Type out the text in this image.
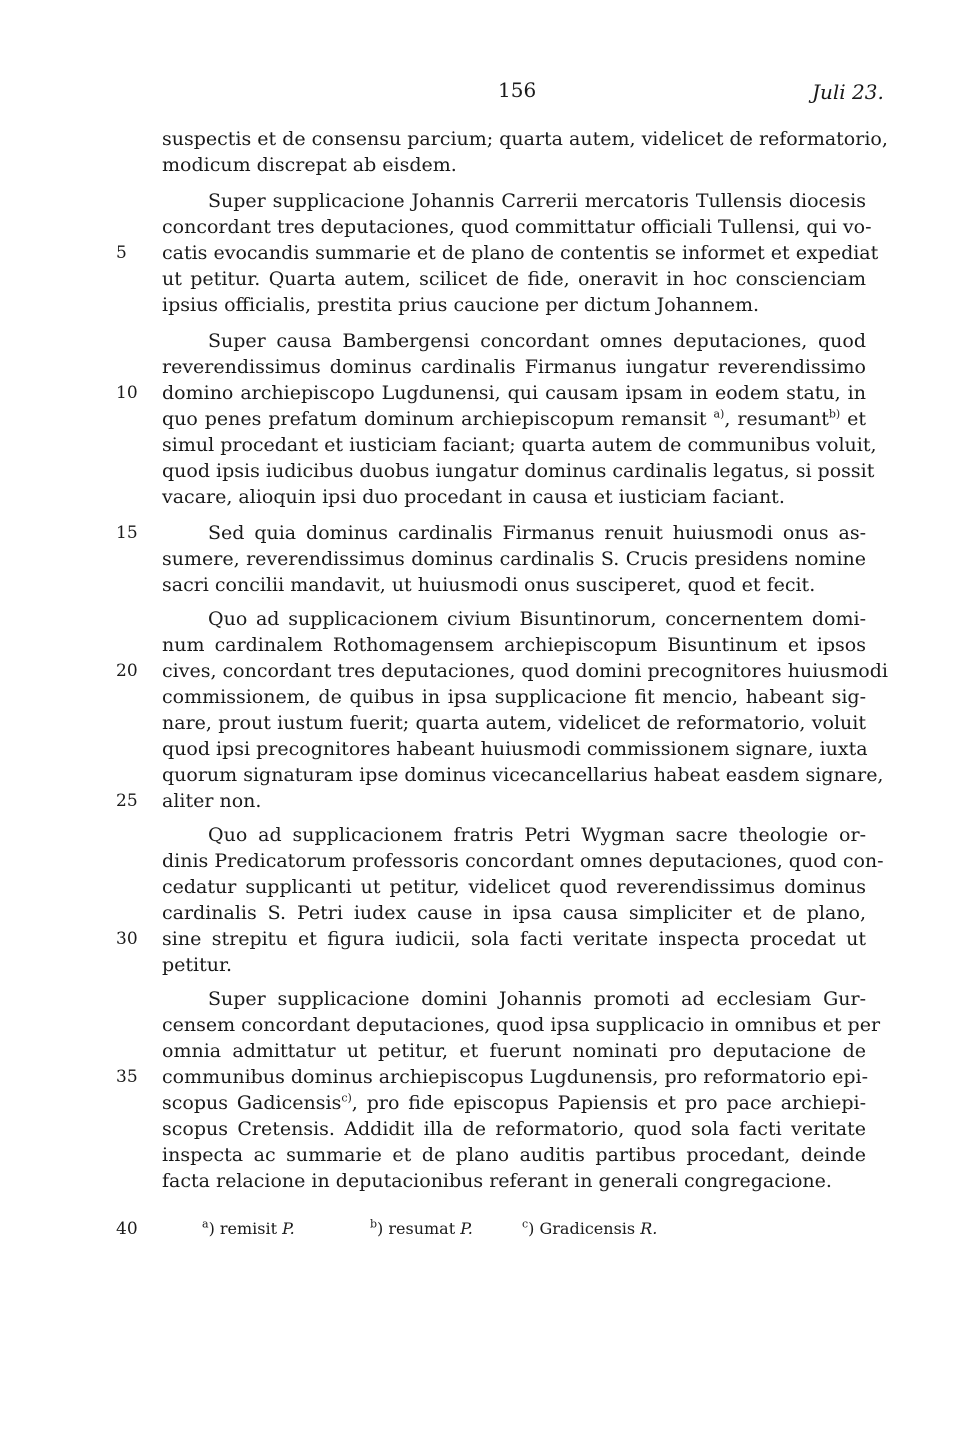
156	Juli 23.
suspectis et de consensu parcium; quarta autem, videlicet de reformatorio,
modicum discrepat ab eisdem.
Super supplicacione Johannis Carrerii mercatoris Tullensis diocesis
concordant tres deputaciones, quod committatur officiali Tullensi, qui vo-
catis evocandis summarie et de plano de contentis se informet et expediat
ut petitur. Quarta autem, scilicet de fide, oneravit in hoc conscienciam
ipsius officialis, prestita prius caucione per dictum Johannem.
Super causa Bambergensi concordant omnes deputaciones, quod
reverendissimus dominus cardinalis Firmanus iungatur reverendissimo
domino archiepiscopo Lugdunensi, qui causam ipsam in eodem statu, in
quo penes prefatum dominum archiepiscopum remansit $^{a)}$, resumant$^{b)}$ et
simul procedant et iusticiam faciant; quarta autem de communibus voluit,
quod ipsis iudicibus duobus iungatur dominus cardinalis legatus, si possit
vacare, alioquin ipsi duo procedant in causa et iusticiam faciant.
Sed quia dominus cardinalis Firmanus renuit huiusmodi onus as-
sumere, reverendissimus dominus cardinalis S. Crucis presidens nomine
sacri concilii mandavit, ut huiusmodi onus susciperet, quod et fecit.
Quo ad supplicacionem civium Bisuntinorum, concernentem domi-
num cardinalem Rothomagensem archiepiscopum Bisuntinum et ipsos
cives, concordant tres deputaciones, quod domini precognitores huiusmodi
commissionem, de quibus in ipsa supplicacione fit mencio, habeant sig-
nare, prout iustum fuerit; quarta autem, videlicet de reformatorio, voluit
quod ipsi precognitores habeant huiusmodi commissionem signare, iuxta
quorum signaturam ipse dominus vicecancellarius habeat easdem signare,
aliter non.
Quo ad supplicacionem fratris Petri Wygman sacre theologie or-
dinis Predicatorum professoris concordant omnes deputaciones, quod con-
cedatur supplicanti ut petitur, videlicet quod reverendissimus dominus
cardinalis S. Petri iudex cause in ipsa causa simpliciter et de plano,
sine strepitu et figura iudicii, sola facti veritate inspecta procedat ut
petitur.
Super supplicacione domini Johannis promoti ad ecclesiam Gur-
censem concordant deputaciones, quod ipsa supplicacio in omnibus et per
omnia admittatur ut petitur, et fuerunt nominati pro deputacione de
communibus dominus archiepiscopus Lugdunensis, pro reformatorio epi-
scopus Gadicensis$^{c)}$, pro fide episcopus Papiensis et pro pace archiepi-
scopus Cretensis. Addidit illa de reformatorio, quod sola facti veritate
inspecta ac summarie et de plano auditis partibus procedant, deinde
facta relacione in deputacionibus referant in generali congregacione.
5
10
15
20
25
30
35
40	$^a$) remisit P.	$^b$) resumat P.	$^c$) Gradicensis R.
